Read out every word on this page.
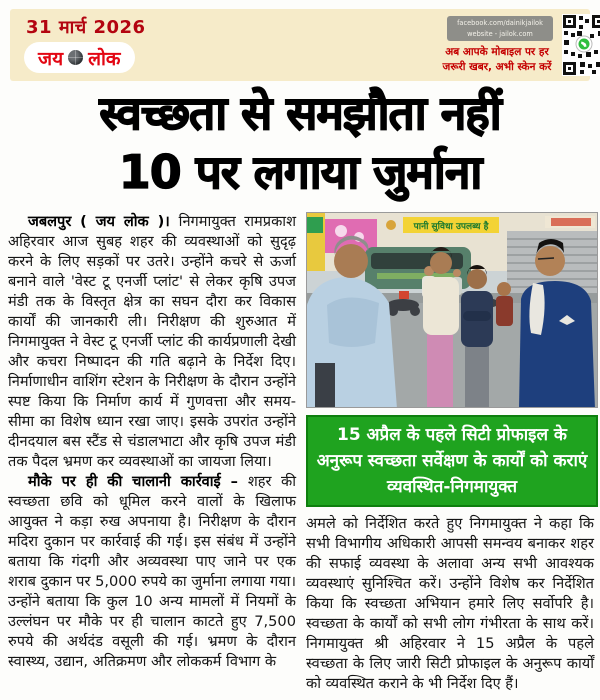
31 मार्च 2026
जय लोक
facebook.com/dainikjailok
website - jailok.com
अब आपके मोबाइल पर हर
जरूरी खबर, अभी स्केन करें
स्वच्छता से समझौता नहीं
10 पर लगाया जुर्माना

जबलपुर ( जय लोक )। निगमायुक्त रामप्रकाश अहिरवार आज सुबह शहर की व्यवस्थाओं को सुदृढ़ करने के लिए सड़कों पर उतरे। उन्होंने कचरे से ऊर्जा बनाने वाले 'वेस्ट टू एनर्जी प्लांट' से लेकर कृषि उपज मंडी तक के विस्तृत क्षेत्र का सघन दौरा कर विकास कार्यों की जानकारी ली। निरीक्षण की शुरुआत में निगमायुक्त ने वेस्ट टू एनर्जी प्लांट की कार्यप्रणाली देखी और कचरा निष्पादन की गति बढ़ाने के निर्देश दिए। निर्माणाधीन वाशिंग स्टेशन के निरीक्षण के दौरान उन्होंने स्पष्ट किया कि निर्माण कार्य में गुणवत्ता और समय-सीमा का विशेष ध्यान रखा जाए। इसके उपरांत उन्होंने दीनदयाल बस स्टैंड से चंडालभाटा और कृषि उपज मंडी तक पैदल भ्रमण कर व्यवस्थाओं का जायजा लिया।

मौके पर ही की चालानी कार्रवाई – शहर की स्वच्छता छवि को धूमिल करने वालों के खिलाफ आयुक्त ने कड़ा रुख अपनाया है। निरीक्षण के दौरान मदिरा दुकान पर कार्रवाई की गई। इस संबंध में उन्होंने बताया कि गंदगी और अव्यवस्था पाए जाने पर एक शराब दुकान पर 5,000 रुपये का जुर्माना लगाया गया। उन्होंने बताया कि कुल 10 अन्य मामलों में नियमों के उल्लंघन पर मौके पर ही चालान काटते हुए 7,500 रुपये की अर्थदंड वसूली की गई। भ्रमण के दौरान स्वास्थ्य, उद्यान, अतिक्रमण और लोककर्म विभाग के

पानी सुविधा उपलब्ध है
15 अप्रैल के पहले सिटी प्रोफाइल के अनुरूप स्वच्छता सर्वेक्षण के कार्यों को कराएं व्यवस्थित-निगमायुक्त

अमले को निर्देशित करते हुए निगमायुक्त ने कहा कि सभी विभागीय अधिकारी आपसी समन्वय बनाकर शहर की सफाई व्यवस्था के अलावा अन्य सभी आवश्यक व्यवस्थाएं सुनिश्चित करें। उन्होंने विशेष कर निर्देशित किया कि स्वच्छता अभियान हमारे लिए सर्वोपरि है। स्वच्छता के कार्यों को सभी लोग गंभीरता के साथ करें। निगमायुक्त श्री अहिरवार ने 15 अप्रैल के पहले स्वच्छता के लिए जारी सिटी प्रोफाइल के अनुरूप कार्यों को व्यवस्थित कराने के भी निर्देश दिए हैं।
